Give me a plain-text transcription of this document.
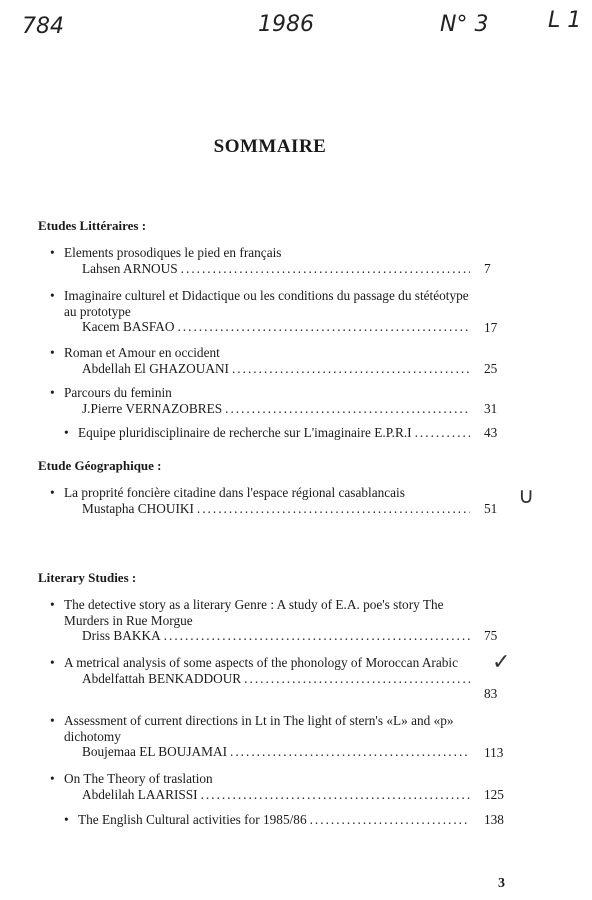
784	1986	N° 3	L 1
SOMMAIRE
Etudes Littéraires :
• Elements prosodiques le pied en français
Lahsen ARNOUS .....	7
• Imaginaire culturel et Didactique ou les conditions du passage du stétéotype au prototype
Kacem BASFAO .....	17
• Roman et Amour en occident
Abdellah El GHAZOUANI .....	25
• Parcours du feminin
J.Pierre VERNAZOBRES .....	31
• Equipe pluridisciplinaire de recherche sur L'imaginaire E.P.R.I .....	43
Etude Géographique :
• La proprité foncière citadine dans l'espace régional casablancais
Mustapha CHOUIKI .....	51 ∪
Literary Studies :
• The detective story as a literary Genre : A study of E.A. poe's story The Murders in Rue Morgue
Driss BAKKA .....	75
• A metrical analysis of some aspects of the phonology of Moroccan Arabic
Abdelfattah BENKADDOUR
.....
83
✓
• Assessment of current directions in Lt in The light of stern's «L» and «p» dichotomy
Boujemaa EL BOUJAMAI .....	113
• On The Theory of traslation
Abdelilah LAARISSI .....	125
• The English Cultural activities for 1985/86 .....	138
3
